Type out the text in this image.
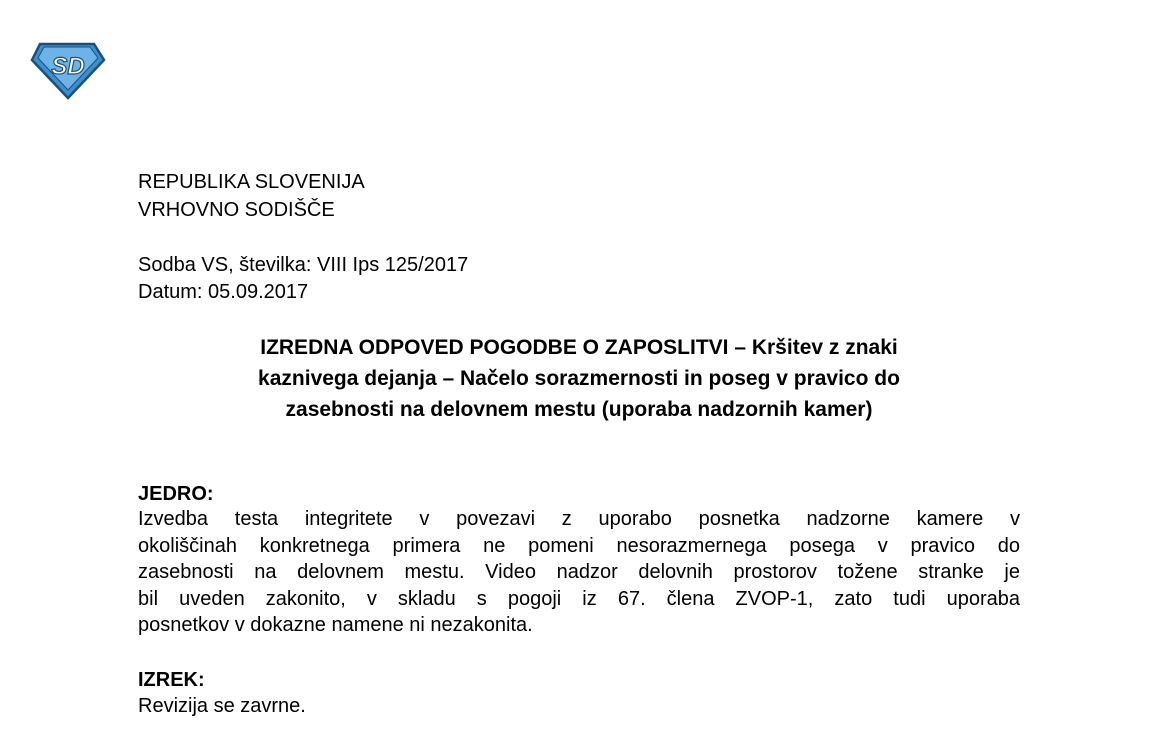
SD
REPUBLIKA SLOVENIJA
VRHOVNO SODIŠČE
Sodba VS, številka: VIII Ips 125/2017
Datum: 05.09.2017
IZREDNA ODPOVED POGODBE O ZAPOSLITVI – Kršitev z znaki
kaznivega dejanja – Načelo sorazmernosti in poseg v pravico do
zasebnosti na delovnem mestu (uporaba nadzornih kamer)
JEDRO:
Izvedba testa integritete v povezavi z uporabo posnetka nadzorne kamere v
okoliščinah konkretnega primera ne pomeni nesorazmernega posega v pravico do
zasebnosti na delovnem mestu. Video nadzor delovnih prostorov tožene stranke je
bil uveden zakonito, v skladu s pogoji iz 67. člena ZVOP-1, zato tudi uporaba
posnetkov v dokazne namene ni nezakonita.
IZREK:
Revizija se zavrne.
